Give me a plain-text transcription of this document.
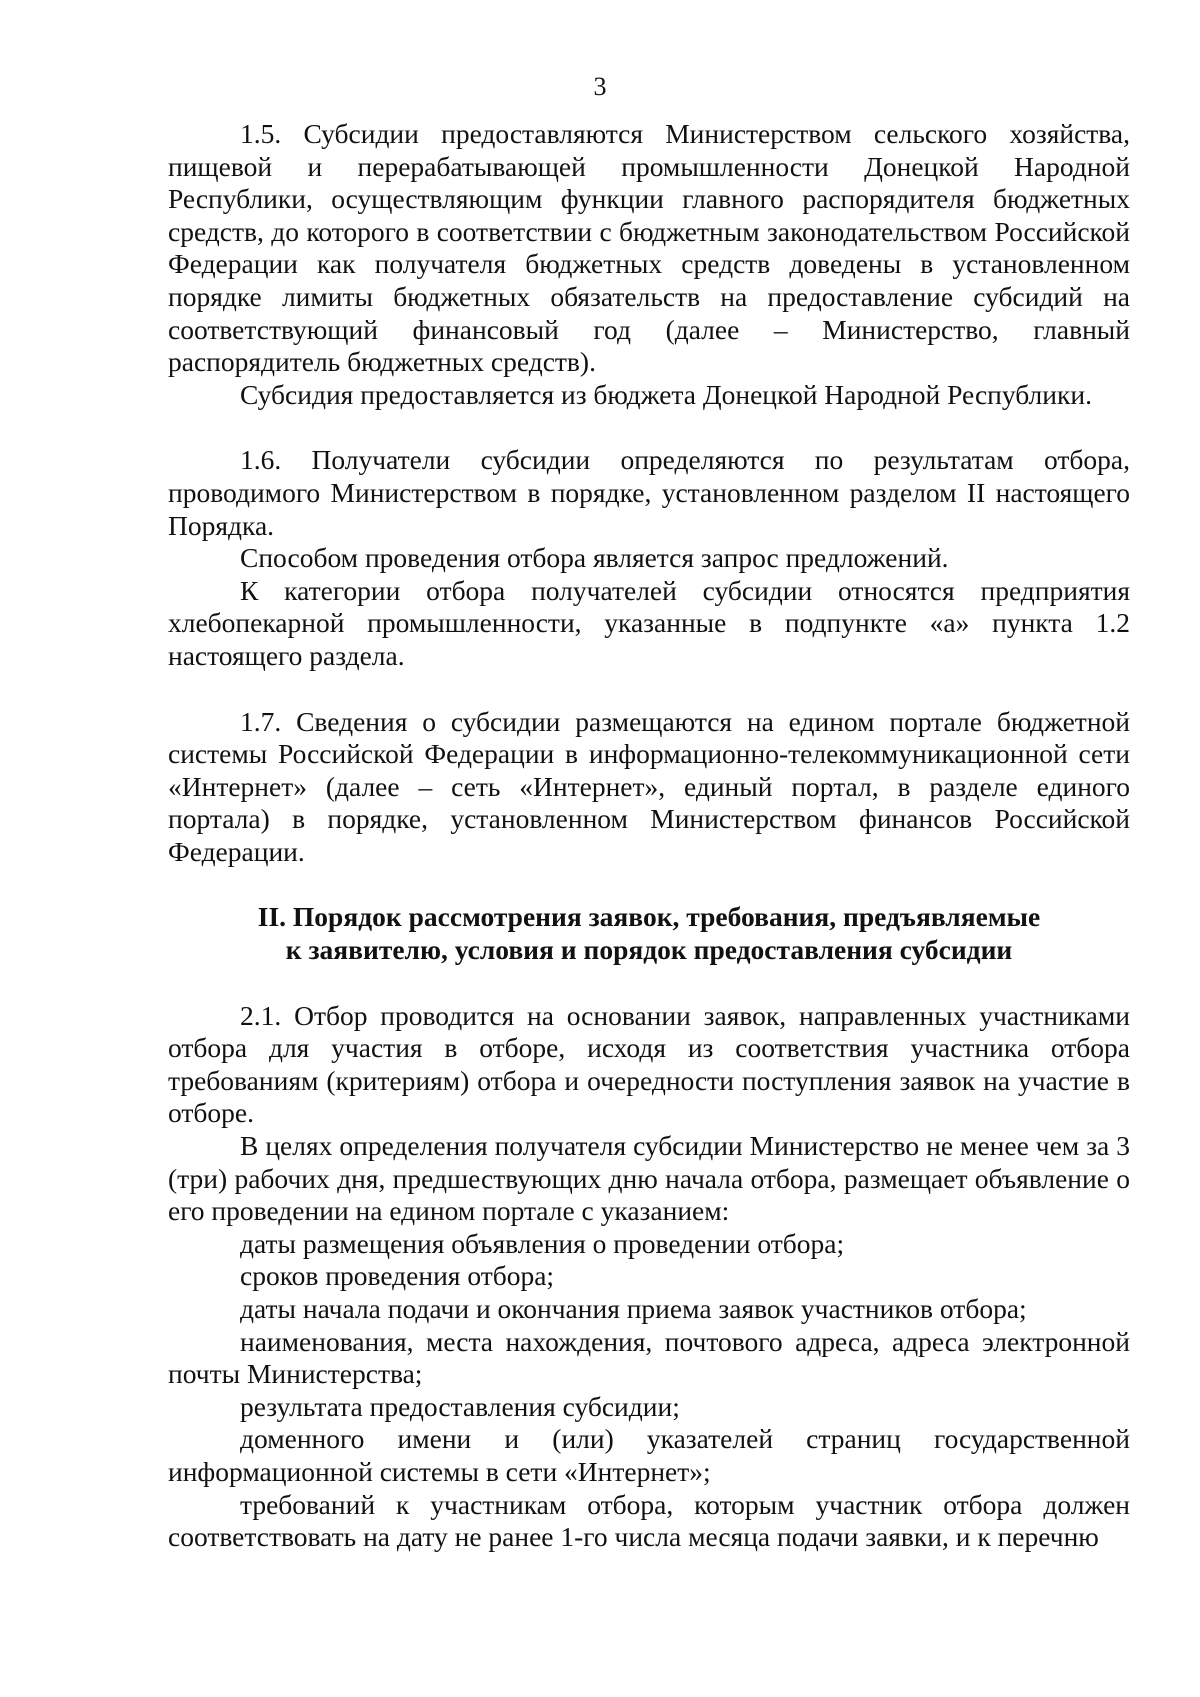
3

1.5. Субсидии предоставляются Министерством сельского хозяйства, пищевой и перерабатывающей промышленности Донецкой Народной Республики, осуществляющим функции главного распорядителя бюджетных средств, до которого в соответствии с бюджетным законодательством Российской Федерации как получателя бюджетных средств доведены в установленном порядке лимиты бюджетных обязательств на предоставление субсидий на соответствующий финансовый год (далее – Министерство, главный распорядитель бюджетных средств).

Субсидия предоставляется из бюджета Донецкой Народной Республики.

1.6. Получатели субсидии определяются по результатам отбора, проводимого Министерством в порядке, установленном разделом II настоящего Порядка.

Способом проведения отбора является запрос предложений.

К категории отбора получателей субсидии относятся предприятия хлебопекарной промышленности, указанные в подпункте «а» пункта 1.2 настоящего раздела.

1.7. Сведения о субсидии размещаются на едином портале бюджетной системы Российской Федерации в информационно-телекоммуникационной сети «Интернет» (далее – сеть «Интернет», единый портал, в разделе единого портала) в порядке, установленном Министерством финансов Российской Федерации.

II. Порядок рассмотрения заявок, требования, предъявляемые
к заявителю, условия и порядок предоставления субсидии

2.1. Отбор проводится на основании заявок, направленных участниками отбора для участия в отборе, исходя из соответствия участника отбора требованиям (критериям) отбора и очередности поступления заявок на участие в отборе.

В целях определения получателя субсидии Министерство не менее чем за 3 (три) рабочих дня, предшествующих дню начала отбора, размещает объявление о его проведении на едином портале с указанием:

даты размещения объявления о проведении отбора;

сроков проведения отбора;

даты начала подачи и окончания приема заявок участников отбора;

наименования, места нахождения, почтового адреса, адреса электронной почты Министерства;

результата предоставления субсидии;

доменного имени и (или) указателей страниц государственной информационной системы в сети «Интернет»;

требований к участникам отбора, которым участник отбора должен соответствовать на дату не ранее 1-го числа месяца подачи заявки, и к перечню
